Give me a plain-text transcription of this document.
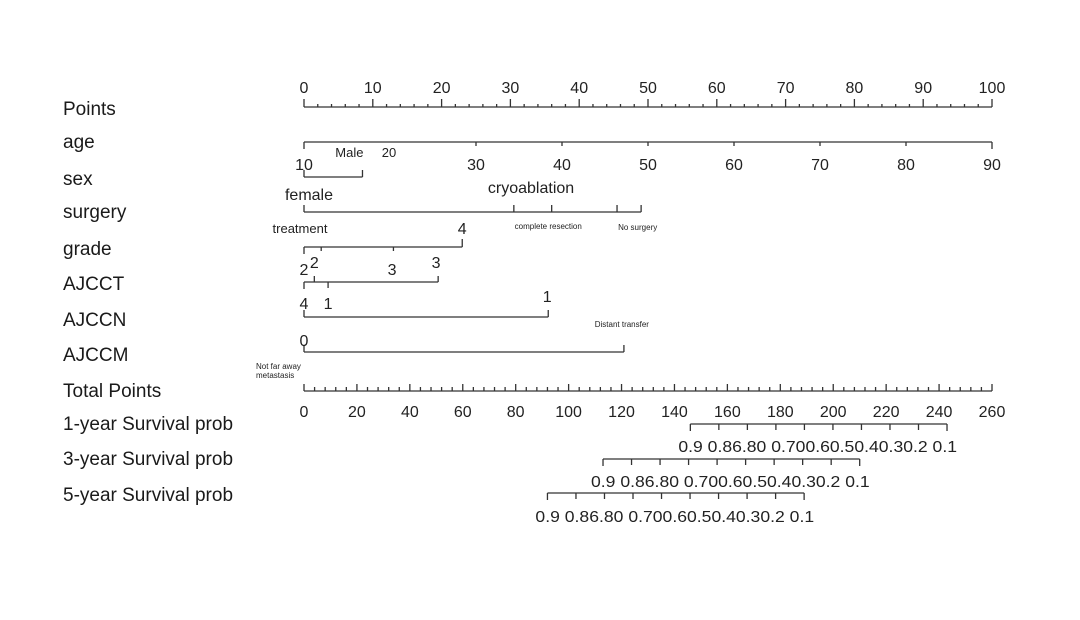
Points
age
sex
surgery
grade
AJCCT
AJCCN
AJCCM
Total Points
1-year Survival prob
3-year Survival prob
5-year Survival prob
0	10	20	30	40	50	60	70	80	90	100
10	30	40	50	60	70	80	90
20
female
Male
treatment
cryoablation
complete resection	No surgery
2	3
4
2
4 1
3
0
1
Distant transfer
Not far away metastasis
0 20 40 60 80 100 120 140 160 180 200 220 240 260
0.9 0.86.80 0.700.60.50.40.30.2 0.1
0.9 0.86.80 0.700.60.50.40.30.2 0.1
0.9 0.86.80 0.700.60.50.40.30.2 0.1
